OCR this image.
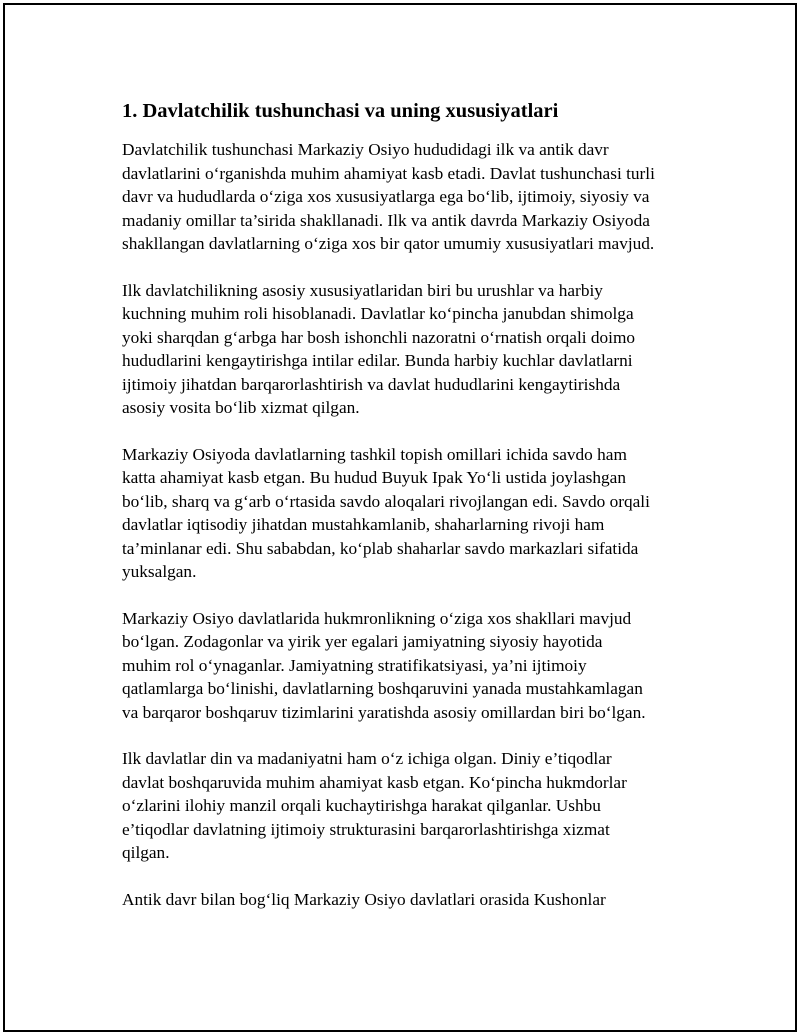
1. Davlatchilik tushunchasi va uning xususiyatlari

Davlatchilik tushunchasi Markaziy Osiyo hududidagi ilk va antik davr
davlatlarini o‘rganishda muhim ahamiyat kasb etadi. Davlat tushunchasi turli
davr va hududlarda o‘ziga xos xususiyatlarga ega bo‘lib, ijtimoiy, siyosiy va
madaniy omillar ta’sirida shakllanadi. Ilk va antik davrda Markaziy Osiyoda
shakllangan davlatlarning o‘ziga xos bir qator umumiy xususiyatlari mavjud.

Ilk davlatchilikning asosiy xususiyatlaridan biri bu urushlar va harbiy
kuchning muhim roli hisoblanadi. Davlatlar ko‘pincha janubdan shimolga
yoki sharqdan g‘arbga har bosh ishonchli nazoratni o‘rnatish orqali doimo
hududlarini kengaytirishga intilar edilar. Bunda harbiy kuchlar davlatlarni
ijtimoiy jihatdan barqarorlashtirish va davlat hududlarini kengaytirishda
asosiy vosita bo‘lib xizmat qilgan.

Markaziy Osiyoda davlatlarning tashkil topish omillari ichida savdo ham
katta ahamiyat kasb etgan. Bu hudud Buyuk Ipak Yo‘li ustida joylashgan
bo‘lib, sharq va g‘arb o‘rtasida savdo aloqalari rivojlangan edi. Savdo orqali
davlatlar iqtisodiy jihatdan mustahkamlanib, shaharlarning rivoji ham
ta’minlanar edi. Shu sababdan, ko‘plab shaharlar savdo markazlari sifatida
yuksalgan.

Markaziy Osiyo davlatlarida hukmronlikning o‘ziga xos shakllari mavjud
bo‘lgan. Zodagonlar va yirik yer egalari jamiyatning siyosiy hayotida
muhim rol o‘ynaganlar. Jamiyatning stratifikatsiyasi, ya’ni ijtimoiy
qatlamlarga bo‘linishi, davlatlarning boshqaruvini yanada mustahkamlagan
va barqaror boshqaruv tizimlarini yaratishda asosiy omillardan biri bo‘lgan.

Ilk davlatlar din va madaniyatni ham o‘z ichiga olgan. Diniy e’tiqodlar
davlat boshqaruvida muhim ahamiyat kasb etgan. Ko‘pincha hukmdorlar
o‘zlarini ilohiy manzil orqali kuchaytirishga harakat qilganlar. Ushbu
e’tiqodlar davlatning ijtimoiy strukturasini barqarorlashtirishga xizmat
qilgan.

Antik davr bilan bog‘liq Markaziy Osiyo davlatlari orasida Kushonlar
